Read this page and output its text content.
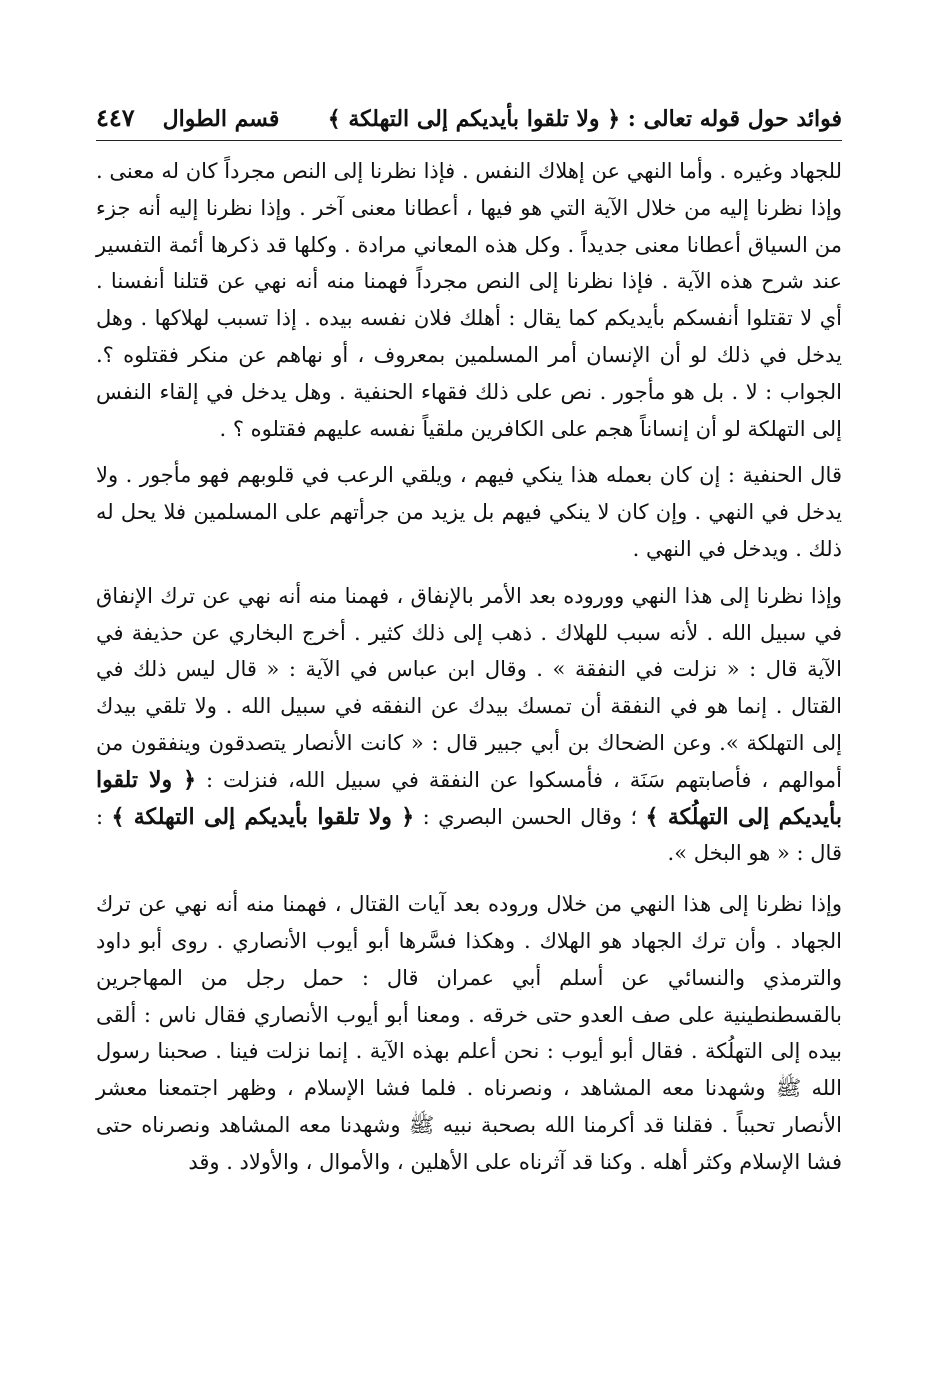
فوائد حول قوله تعالى : ﴿ ولا تلقوا بأيديكم إلى التهلكة ﴾
قسم الطوال
٤٤٧

للجهاد وغيره . وأما النهي عن إهلاك النفس . فإذا نظرنا إلى النص مجرداً كان له معنى . وإذا نظرنا إليه من خلال الآية التي هو فيها ، أعطانا معنى آخر . وإذا نظرنا إليه أنه جزء من السياق أعطانا معنى جديداً . وكل هذه المعاني مرادة . وكلها قد ذكرها أئمة التفسير عند شرح هذه الآية . فإذا نظرنا إلى النص مجرداً فهمنا منه أنه نهي عن قتلنا أنفسنا . أي لا تقتلوا أنفسكم بأيديكم كما يقال : أهلك فلان نفسه بيده . إذا تسبب لهلاكها . وهل يدخل في ذلك لو أن الإنسان أمر المسلمين بمعروف ، أو نهاهم عن منكر فقتلوه ؟. الجواب : لا . بل هو مأجور . نص على ذلك فقهاء الحنفية . وهل يدخل في إلقاء النفس إلى التهلكة لو أن إنساناً هجم على الكافرين ملقياً نفسه عليهم فقتلوه ؟ .

قال الحنفية : إن كان بعمله هذا ينكي فيهم ، ويلقي الرعب في قلوبهم فهو مأجور . ولا يدخل في النهي . وإن كان لا ينكي فيهم بل يزيد من جرأتهم على المسلمين فلا يحل له ذلك . ويدخل في النهي .

وإذا نظرنا إلى هذا النهي ووروده بعد الأمر بالإنفاق ، فهمنا منه أنه نهي عن ترك الإنفاق في سبيل الله . لأنه سبب للهلاك . ذهب إلى ذلك كثير . أخرج البخاري عن حذيفة في الآية قال : « نزلت في النفقة » . وقال ابن عباس في الآية : « قال ليس ذلك في القتال . إنما هو في النفقة أن تمسك بيدك عن النفقه في سبيل الله . ولا تلقي بيدك إلى التهلكة ». وعن الضحاك بن أبي جبير قال : « كانت الأنصار يتصدقون وينفقون من أموالهم ، فأصابتهم سَنَة ، فأمسكوا عن النفقة في سبيل الله، فنزلت : ﴿ ولا تلقوا بأيديكم إلى التهلُكة ﴾ ؛ وقال الحسن البصري : ﴿ ولا تلقوا بأيديكم إلى التهلكة ﴾ : قال : « هو البخل ».

وإذا نظرنا إلى هذا النهي من خلال وروده بعد آيات القتال ، فهمنا منه أنه نهي عن ترك الجهاد . وأن ترك الجهاد هو الهلاك . وهكذا فسَّرها أبو أيوب الأنصاري . روى أبو داود والترمذي والنسائي عن أسلم أبي عمران قال : حمل رجل من المهاجرين بالقسطنطينية على صف العدو حتى خرقه . ومعنا أبو أيوب الأنصاري فقال ناس : ألقى بيده إلى التهلُكة . فقال أبو أيوب : نحن أعلم بهذه الآية . إنما نزلت فينا . صحبنا رسول الله ﷺ وشهدنا معه المشاهد ، ونصرناه . فلما فشا الإسلام ، وظهر اجتمعنا معشر الأنصار تحبباً . فقلنا قد أكرمنا الله بصحبة نبيه ﷺ وشهدنا معه المشاهد ونصرناه حتى فشا الإسلام وكثر أهله . وكنا قد آثرناه على الأهلين ، والأموال ، والأولاد . وقد
